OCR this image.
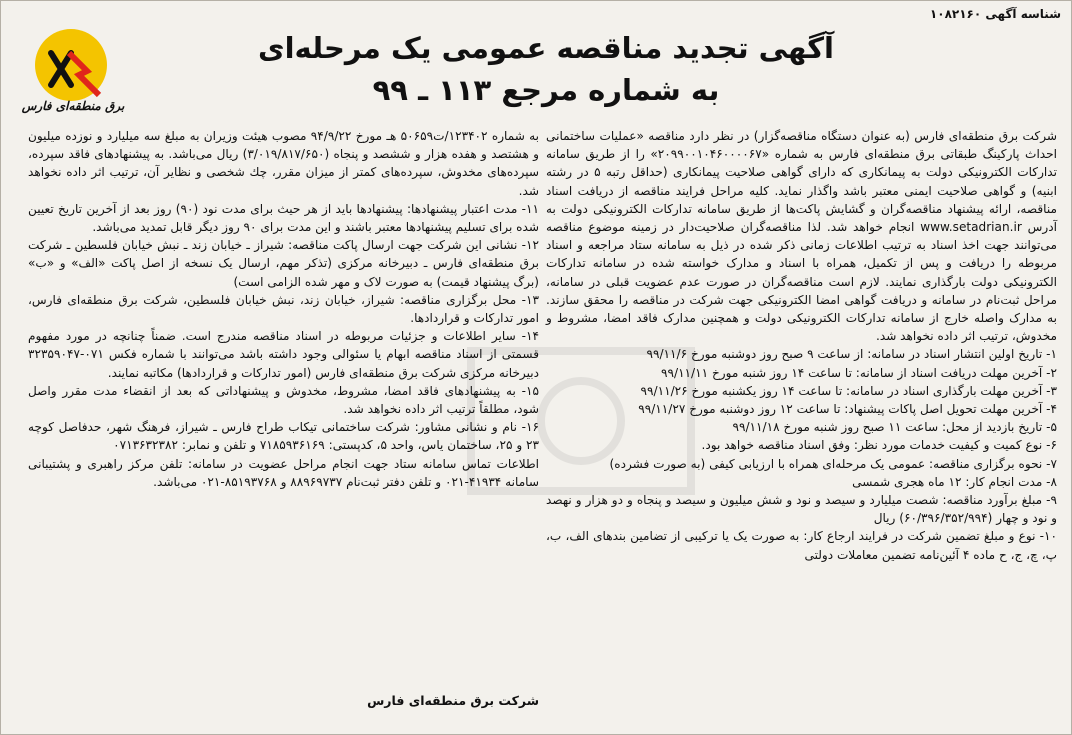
شناسه آگهی ۱۰۸۲۱۶۰
برق منطقه‌ای فارس
آگهی تجدید مناقصه عمومی یک مرحله‌ای
به شماره مرجع ۱۱۳ ـ ۹۹

شرکت برق منطقه‌ای فارس (به عنوان دستگاه مناقصه‌گزار) در نظر دارد مناقصه «عملیات ساختمانی احداث پارکینگ طبقاتی برق منطقه‌ای فارس به شماره «۲۰۹۹۰۰۱۰۴۶۰۰۰۰۶۷» را از طریق سامانه تدارکات الکترونیکی دولت به پیمانکاری که دارای گواهی صلاحیت پیمانکاری (حداقل رتبه ۵ در رشته ابنیه) و گواهی صلاحیت ایمنی معتبر باشد واگذار نماید. کلیه مراحل فرایند مناقصه از دریافت اسناد مناقصه، ارائه پیشنهاد مناقصه‌گران و گشایش پاکت‌ها از طریق سامانه تدارکات الکترونیکی دولت به آدرس www.setadrian.ir انجام خواهد شد. لذا مناقصه‌گران صلاحیت‌دار در زمینه موضوع مناقصه می‌توانند جهت اخذ اسناد به ترتیب اطلاعات زمانی ذکر شده در ذیل به سامانه ستاد مراجعه و اسناد مربوطه را دریافت و پس از تکمیل، همراه با اسناد و مدارک خواسته شده در سامانه تدارکات الکترونیکی دولت بارگذاری نمایند. لازم است مناقصه‌گران در صورت عدم عضویت قبلی در سامانه، مراحل ثبت‌نام در سامانه و دریافت گواهی امضا الکترونیکی جهت شرکت در مناقصه را محقق سازند. به مدارک واصله خارج از سامانه تدارکات الکترونیکی دولت و همچنین مدارک فاقد امضا، مشروط و مخدوش، ترتیب اثر داده نخواهد شد.

۱- تاریخ اولین انتشار اسناد در سامانه: از ساعت ۹ صبح روز دوشنبه مورخ ۹۹/۱۱/۶

۲- آخرین مهلت دریافت اسناد از سامانه: تا ساعت ۱۴ روز شنبه مورخ ۹۹/۱۱/۱۱

۳- آخرین مهلت بارگذاری اسناد در سامانه: تا ساعت ۱۴ روز یکشنبه مورخ ۹۹/۱۱/۲۶

۴- آخرین مهلت تحویل اصل پاکات پیشنهاد: تا ساعت ۱۲ روز دوشنبه مورخ ۹۹/۱۱/۲۷

۵- تاریخ بازدید از محل: ساعت ۱۱ صبح روز شنبه مورخ ۹۹/۱۱/۱۸

۶- نوع کمیت و کیفیت خدمات مورد نظر: وفق اسناد مناقصه خواهد بود.

۷- نحوه برگزاری مناقصه: عمومی یک مرحله‌ای همراه با ارزیابی کیفی (به صورت فشرده)

۸- مدت انجام کار: ۱۲ ماه هجری شمسی

۹- مبلغ برآورد مناقصه: شصت میلیارد و سیصد و نود و شش میلیون و سیصد و پنجاه و دو هزار و نهصد و نود و چهار (۶۰/۳۹۶/۳۵۲/۹۹۴) ریال

۱۰- نوع و مبلغ تضمین شرکت در فرایند ارجاع کار: به صورت یک یا ترکیبی از تضامین بندهای الف، ب، پ، چ، ج، ح ماده ۴ آئین‌نامه تضمین معاملات دولتی

به شماره ۱۲۳۴۰۲/ت۵۰۶۵۹ هـ مورخ ۹۴/۹/۲۲ مصوب هیئت وزیران به مبلغ سه میلیارد و نوزده میلیون و هشتصد و هفده هزار و ششصد و پنجاه (۳/۰۱۹/۸۱۷/۶۵۰) ریال می‌باشد. به پیشنهادهای فاقد سپرده، سپرده‌های مخدوش، سپرده‌های کمتر از میزان مقرر، چك شخصی و نظایر آن، ترتیب اثر داده نخواهد شد.

۱۱- مدت اعتبار پیشنهادها: پیشنهادها باید از هر حیث برای مدت نود (۹۰) روز بعد از آخرین تاریخ تعیین شده برای تسلیم پیشنهادها معتبر باشند و این مدت برای ۹۰ روز دیگر قابل تمدید می‌باشد.

۱۲- نشانی این شرکت جهت ارسال پاکت مناقصه: شیراز ـ خیابان زند ـ نبش خیابان فلسطین ـ شرکت برق منطقه‌ای فارس ـ دبیرخانه مرکزی (تذکر مهم، ارسال یک نسخه از اصل پاکت «الف» و «ب» (برگ پیشنهاد قیمت) به صورت لاک و مهر شده الزامی است)

۱۳- محل برگزاری مناقصه: شیراز، خیابان زند، نبش خیابان فلسطین، شرکت برق منطقه‌ای فارس، امور تدارکات و قراردادها.

۱۴- سایر اطلاعات و جزئیات مربوطه در اسناد مناقصه مندرج است. ضمناً چنانچه در مورد مفهوم قسمتی از اسناد مناقصه ابهام یا سئوالی وجود داشته باشد می‌توانند با شماره فکس ۰۷۱-۳۲۳۵۹۰۴۷ دبیرخانه مرکزی شرکت برق منطقه‌ای فارس (امور تدارکات و قراردادها) مکاتبه نمایند.

۱۵- به پیشنهادهای فاقد امضا، مشروط، مخدوش و پیشنهاداتی که بعد از انقضاء مدت مقرر واصل شود، مطلقاً ترتیب اثر داده نخواهد شد.

۱۶- نام و نشانی مشاور: شرکت ساختمانی تیکاب طراح فارس ـ شیراز، فرهنگ شهر، حدفاصل کوچه ۲۳ و ۲۵، ساختمان یاس، واحد ۵، کدپستی: ۷۱۸۵۹۳۶۱۶۹ و تلفن و نمابر: ۰۷۱۳۶۳۲۳۸۲

اطلاعات تماس سامانه ستاد جهت انجام مراحل عضویت در سامانه: تلفن مرکز راهبری و پشتیبانی سامانه ۴۱۹۳۴-۰۲۱ و تلفن دفتر ثبت‌نام ۸۸۹۶۹۷۳۷ و ۸۵۱۹۳۷۶۸-۰۲۱ می‌باشد.

شرکت برق منطقه‌ای فارس
